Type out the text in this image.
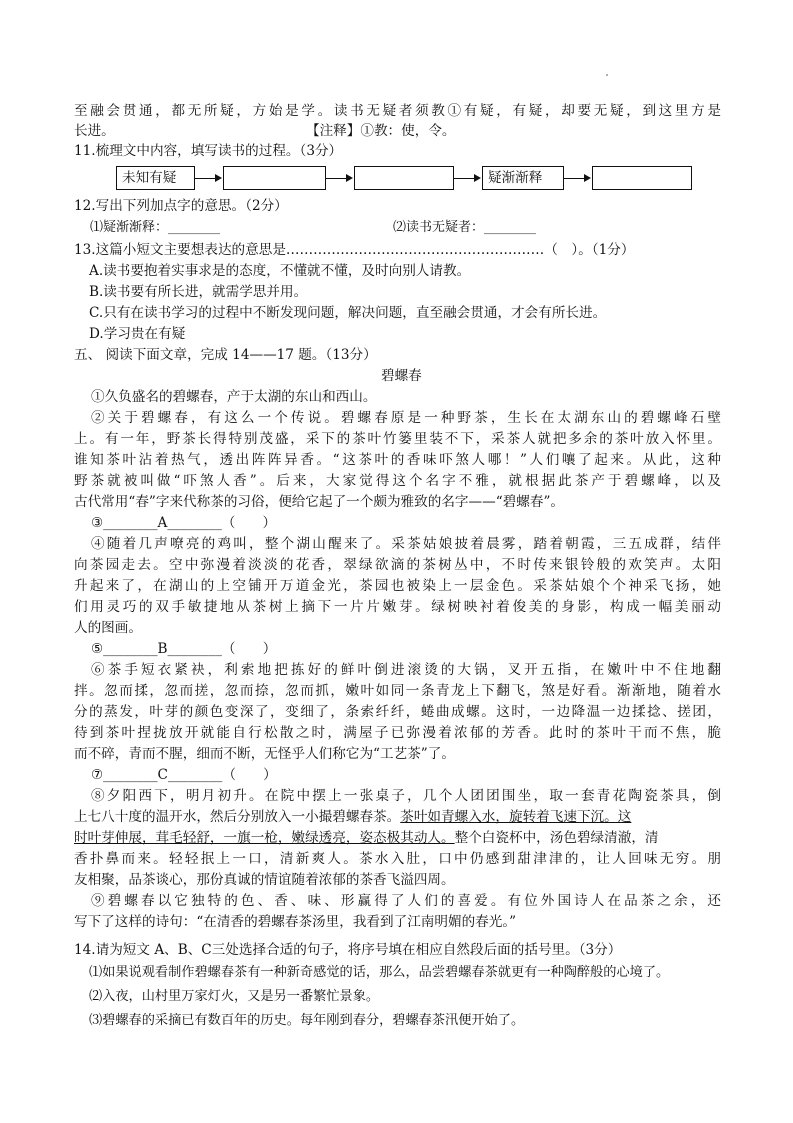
至融会贯通，都无所疑，方始是学。读书无疑者须教①有疑，有疑，却要无疑，到这里方是
长进。	【注释】①教：使，令。
11.梳理文中内容，填写读书的过程。（3分）
未知有疑	疑渐渐释
12.写出下列加点字的意思。（2分）
⑴疑渐渐释：________	⑵读书无疑者：________
13.这篇小短文主要想表达的意思是…………………………………………………（　）。（1分）
A.读书要抱着实事求是的态度，不懂就不懂，及时向别人请教。
B.读书要有所长进，就需学思并用。
C.只有在读书学习的过程中不断发现问题，解决问题，直至融会贯通，才会有所长进。
D.学习贵在有疑
五、 阅读下面文章，完成 14——17 题。（13分）
碧螺春
①久负盛名的碧螺春，产于太湖的东山和西山。
②关于碧螺春，有这么一个传说。碧螺春原是一种野茶，生长在太湖东山的碧螺峰石壁
上。有一年，野茶长得特别茂盛，采下的茶叶竹篓里装不下，采茶人就把多余的茶叶放入怀里。
谁知茶叶沾着热气，透出阵阵异香。“这茶叶的香味吓煞人哪！”人们嚷了起来。从此，这种
野茶就被叫做“吓煞人香”。后来，大家觉得这个名字不雅，就根据此茶产于碧螺峰，以及
古代常用“春”字来代称茶的习俗，便给它起了一个颇为雅致的名字——“碧螺春”。
③________A________（　　）
④随着几声嘹亮的鸡叫，整个湖山醒来了。采茶姑娘披着晨雾，踏着朝霞，三五成群，结伴
向茶园走去。空中弥漫着淡淡的花香，翠绿欲滴的茶树丛中，不时传来银铃般的欢笑声。太阳
升起来了，在湖山的上空铺开万道金光，茶园也被染上一层金色。采茶姑娘个个神采飞扬，她
们用灵巧的双手敏捷地从茶树上摘下一片片嫩芽。绿树映衬着俊美的身影，构成一幅美丽动
人的图画。
⑤________B________（　　）
⑥茶手短衣紧袂，利索地把拣好的鲜叶倒进滚烫的大锅，叉开五指，在嫩叶中不住地翻
拌。忽而揉，忽而搓，忽而捺，忽而抓，嫩叶如同一条青龙上下翻飞，煞是好看。渐渐地，随着水
分的蒸发，叶芽的颜色变深了，变细了，条索纤纤，蜷曲成螺。这时，一边降温一边揉捻、搓团，
待到茶叶捏拢放开就能自行松散之时，满屋子已弥漫着浓郁的芳香。此时的茶叶干而不焦，脆
而不碎，青而不腥，细而不断，无怪乎人们称它为“工艺茶”了。
⑦________C________（　　）
⑧夕阳西下，明月初升。在院中摆上一张桌子，几个人团团围坐，取一套青花陶瓷茶具，倒
上七八十度的温开水，然后分别放入一小撮碧螺春茶。茶叶如青螺入水，旋转着飞速下沉。这
时叶芽伸展，茸毛轻舒，一旗一枪，嫩绿透亮，姿态极其动人。整个白瓷杯中，汤色碧绿清澈，清
香扑鼻而来。轻轻抿上一口，清新爽人。茶水入肚，口中仍感到甜津津的，让人回味无穷。朋
友相聚，品茶谈心，那份真诚的情谊随着浓郁的茶香飞溢四周。
⑨碧螺春以它独特的色、香、味、形赢得了人们的喜爱。有位外国诗人在品茶之余，还
写下了这样的诗句：“在清香的碧螺春茶汤里，我看到了江南明媚的春光。”
14.请为短文 A、B、C三处选择合适的句子，将序号填在相应自然段后面的括号里。（3分）
⑴如果说观看制作碧螺春茶有一种新奇感觉的话，那么，品尝碧螺春茶就更有一种陶醉般的心境了。
⑵入夜，山村里万家灯火，又是另一番繁忙景象。
⑶碧螺春的采摘已有数百年的历史。每年刚到春分，碧螺春茶汛便开始了。
